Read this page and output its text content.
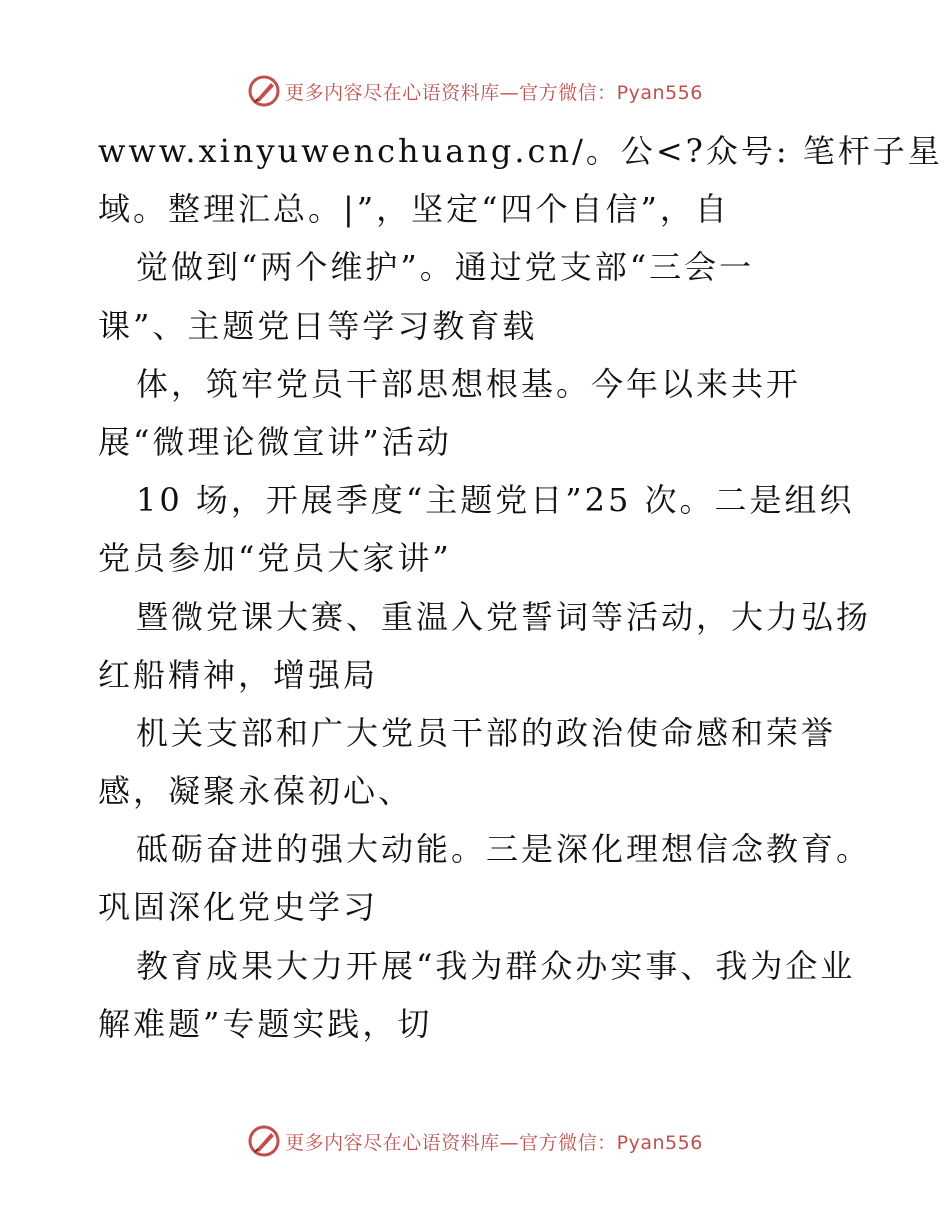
更多内容尽在心语资料库—官方微信：Pyan556
www.xinyuwenchuang.cn/。公<?众号: 笔杆子星
域。整理汇总。|”，坚定“四个自信”，自
觉做到“两个维护”。通过党支部“三会一
课”、主题党日等学习教育载
体，筑牢党员干部思想根基。今年以来共开
展“微理论微宣讲”活动
10 场，开展季度“主题党日”25 次。二是组织
党员参加“党员大家讲”
暨微党课大赛、重温入党誓词等活动，大力弘扬
红船精神，增强局
机关支部和广大党员干部的政治使命感和荣誉
感，凝聚永葆初心、
砥砺奋进的强大动能。三是深化理想信念教育。
巩固深化党史学习
教育成果大力开展“我为群众办实事、我为企业
解难题”专题实践，切
更多内容尽在心语资料库—官方微信：Pyan556
